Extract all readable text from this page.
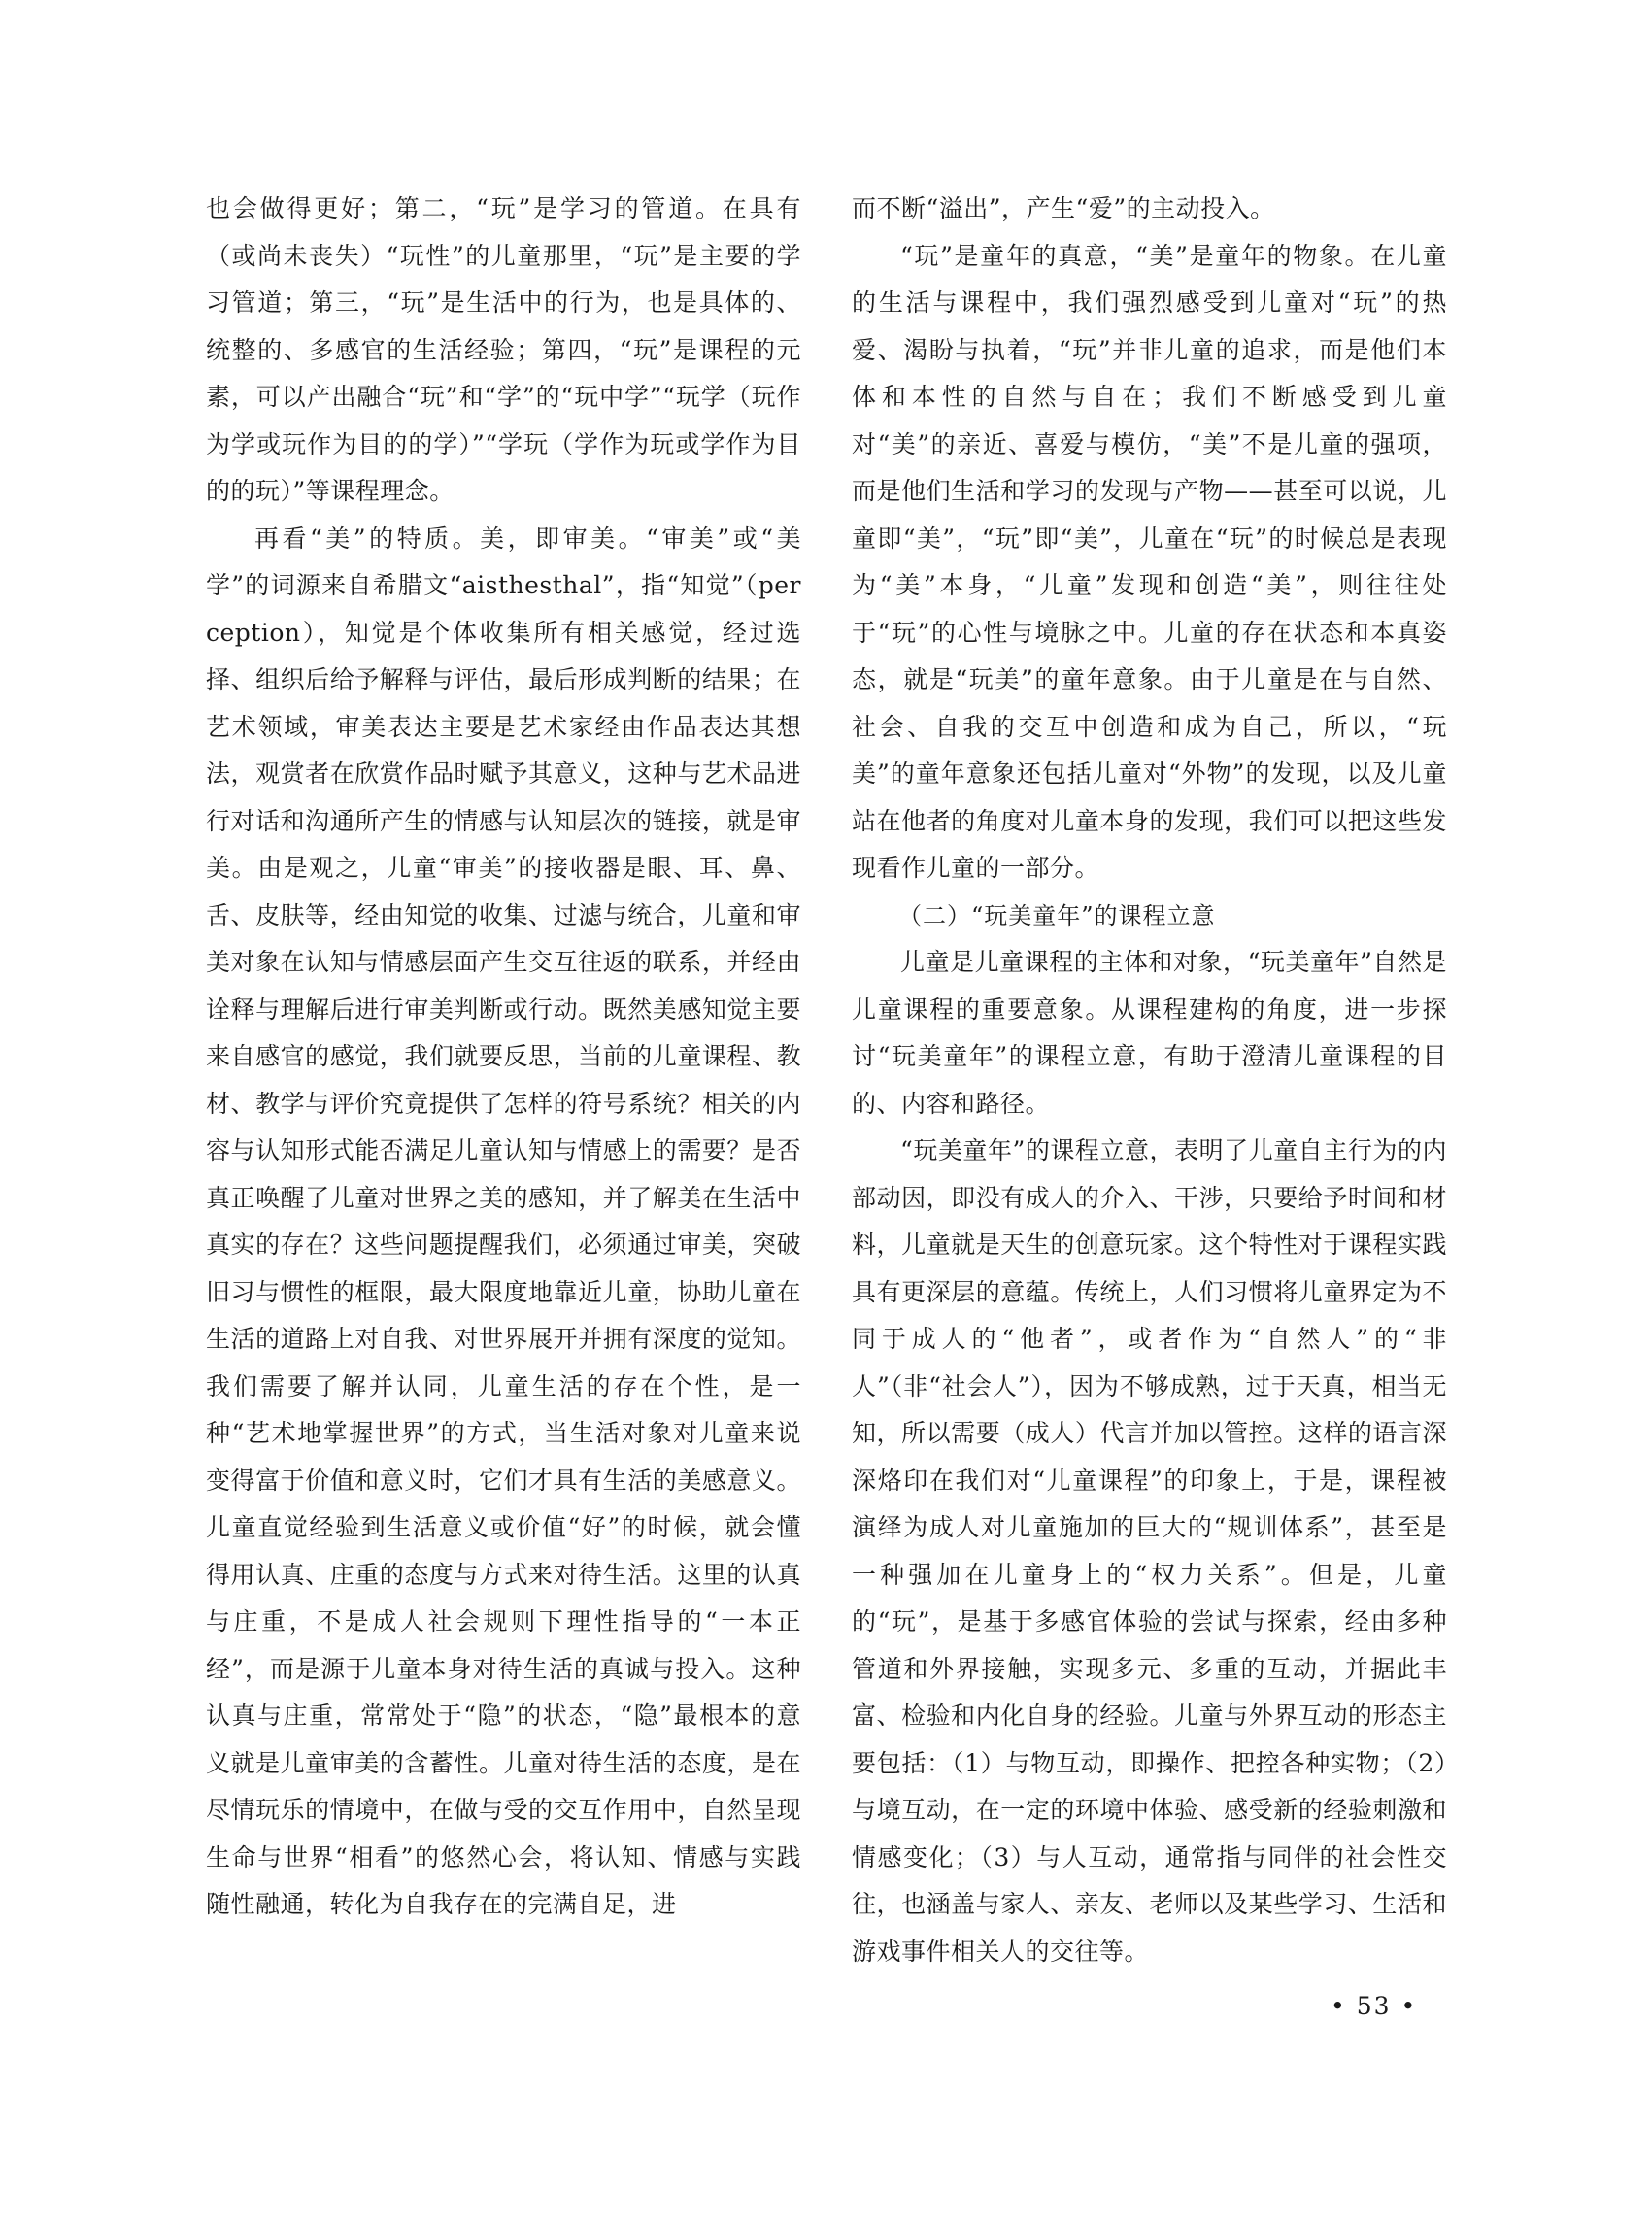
也会做得更好；第二，“玩”是学习的管道。在具有（或尚未丧失）“玩性”的儿童那里，“玩”是主要的学习管道；第三，“玩”是生活中的行为，也是具体的、统整的、多感官的生活经验；第四，“玩”是课程的元素，可以产出融合“玩”和“学”的“玩中学”“玩学（玩作为学或玩作为目的的学）”“学玩（学作为玩或学作为目的的玩）”等课程理念。

再看“美”的特质。美，即审美。“审美”或“美学”的词源来自希腊文“aisthesthal”，指“知觉”（perception），知觉是个体收集所有相关感觉，经过选择、组织后给予解释与评估，最后形成判断的结果；在艺术领域，审美表达主要是艺术家经由作品表达其想法，观赏者在欣赏作品时赋予其意义，这种与艺术品进行对话和沟通所产生的情感与认知层次的链接，就是审美。由是观之，儿童“审美”的接收器是眼、耳、鼻、舌、皮肤等，经由知觉的收集、过滤与统合，儿童和审美对象在认知与情感层面产生交互往返的联系，并经由诠释与理解后进行审美判断或行动。既然美感知觉主要来自感官的感觉，我们就要反思，当前的儿童课程、教材、教学与评价究竟提供了怎样的符号系统？相关的内容与认知形式能否满足儿童认知与情感上的需要？是否真正唤醒了儿童对世界之美的感知，并了解美在生活中真实的存在？这些问题提醒我们，必须通过审美，突破旧习与惯性的框限，最大限度地靠近儿童，协助儿童在生活的道路上对自我、对世界展开并拥有深度的觉知。我们需要了解并认同，儿童生活的存在个性，是一种“艺术地掌握世界”的方式，当生活对象对儿童来说变得富于价值和意义时，它们才具有生活的美感意义。儿童直觉经验到生活意义或价值“好”的时候，就会懂得用认真、庄重的态度与方式来对待生活。这里的认真与庄重，不是成人社会规则下理性指导的“一本正经”，而是源于儿童本身对待生活的真诚与投入。这种认真与庄重，常常处于“隐”的状态，“隐”最根本的意义就是儿童审美的含蓄性。儿童对待生活的态度，是在尽情玩乐的情境中，在做与受的交互作用中，自然呈现生命与世界“相看”的悠然心会，将认知、情感与实践随性融通，转化为自我存在的完满自足，进

而不断“溢出”，产生“爱”的主动投入。

“玩”是童年的真意，“美”是童年的物象。在儿童的生活与课程中，我们强烈感受到儿童对“玩”的热爱、渴盼与执着，“玩”并非儿童的追求，而是他们本体和本性的自然与自在；我们不断感受到儿童对“美”的亲近、喜爱与模仿，“美”不是儿童的强项，而是他们生活和学习的发现与产物——甚至可以说，儿童即“美”，“玩”即“美”，儿童在“玩”的时候总是表现为“美”本身，“儿童”发现和创造“美”，则往往处于“玩”的心性与境脉之中。儿童的存在状态和本真姿态，就是“玩美”的童年意象。由于儿童是在与自然、社会、自我的交互中创造和成为自己，所以，“玩美”的童年意象还包括儿童对“外物”的发现，以及儿童站在他者的角度对儿童本身的发现，我们可以把这些发现看作儿童的一部分。

（二）“玩美童年”的课程立意

儿童是儿童课程的主体和对象，“玩美童年”自然是儿童课程的重要意象。从课程建构的角度，进一步探讨“玩美童年”的课程立意，有助于澄清儿童课程的目的、内容和路径。

“玩美童年”的课程立意，表明了儿童自主行为的内部动因，即没有成人的介入、干涉，只要给予时间和材料，儿童就是天生的创意玩家。这个特性对于课程实践具有更深层的意蕴。传统上，人们习惯将儿童界定为不同于成人的“他者”，或者作为“自然人”的“非人”（非“社会人”），因为不够成熟，过于天真，相当无知，所以需要（成人）代言并加以管控。这样的语言深深烙印在我们对“儿童课程”的印象上，于是，课程被演绎为成人对儿童施加的巨大的“规训体系”，甚至是一种强加在儿童身上的“权力关系”。但是，儿童的“玩”，是基于多感官体验的尝试与探索，经由多种管道和外界接触，实现多元、多重的互动，并据此丰富、检验和内化自身的经验。儿童与外界互动的形态主要包括：（1）与物互动，即操作、把控各种实物；（2）与境互动，在一定的环境中体验、感受新的经验刺激和情感变化；（3）与人互动，通常指与同伴的社会性交往，也涵盖与家人、亲友、老师以及某些学习、生活和游戏事件相关人的交往等。

• 53 •
